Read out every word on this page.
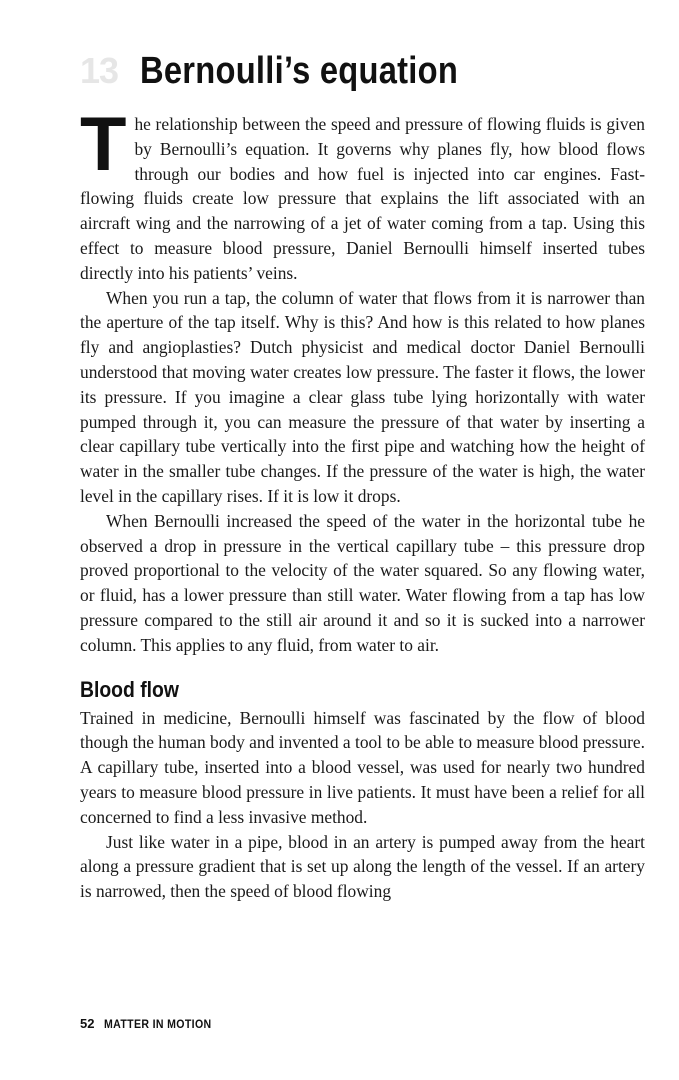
13 Bernoulli’s equation

The relationship between the speed and pressure of flowing fluids is given by Bernoulli’s equation. It governs why planes fly, how blood flows through our bodies and how fuel is injected into car engines. Fast-flowing fluids create low pressure that explains the lift associated with an aircraft wing and the narrowing of a jet of water coming from a tap. Using this effect to measure blood pressure, Daniel Bernoulli himself inserted tubes directly into his patients’ veins.

When you run a tap, the column of water that flows from it is narrower than the aperture of the tap itself. Why is this? And how is this related to how planes fly and angioplasties? Dutch physicist and medical doctor Daniel Bernoulli understood that moving water creates low pressure. The faster it flows, the lower its pressure. If you imagine a clear glass tube lying horizontally with water pumped through it, you can measure the pressure of that water by inserting a clear capillary tube vertically into the first pipe and watching how the height of water in the smaller tube changes. If the pressure of the water is high, the water level in the capillary rises. If it is low it drops.

When Bernoulli increased the speed of the water in the horizontal tube he observed a drop in pressure in the vertical capillary tube – this pressure drop proved proportional to the velocity of the water squared. So any flowing water, or fluid, has a lower pressure than still water. Water flowing from a tap has low pressure compared to the still air around it and so it is sucked into a narrower column. This applies to any fluid, from water to air.

Blood flow

Trained in medicine, Bernoulli himself was fascinated by the flow of blood though the human body and invented a tool to be able to measure blood pressure. A capillary tube, inserted into a blood vessel, was used for nearly two hundred years to measure blood pressure in live patients. It must have been a relief for all concerned to find a less invasive method.

Just like water in a pipe, blood in an artery is pumped away from the heart along a pressure gradient that is set up along the length of the vessel. If an artery is narrowed, then the speed of blood flowing

52 MATTER IN MOTION
